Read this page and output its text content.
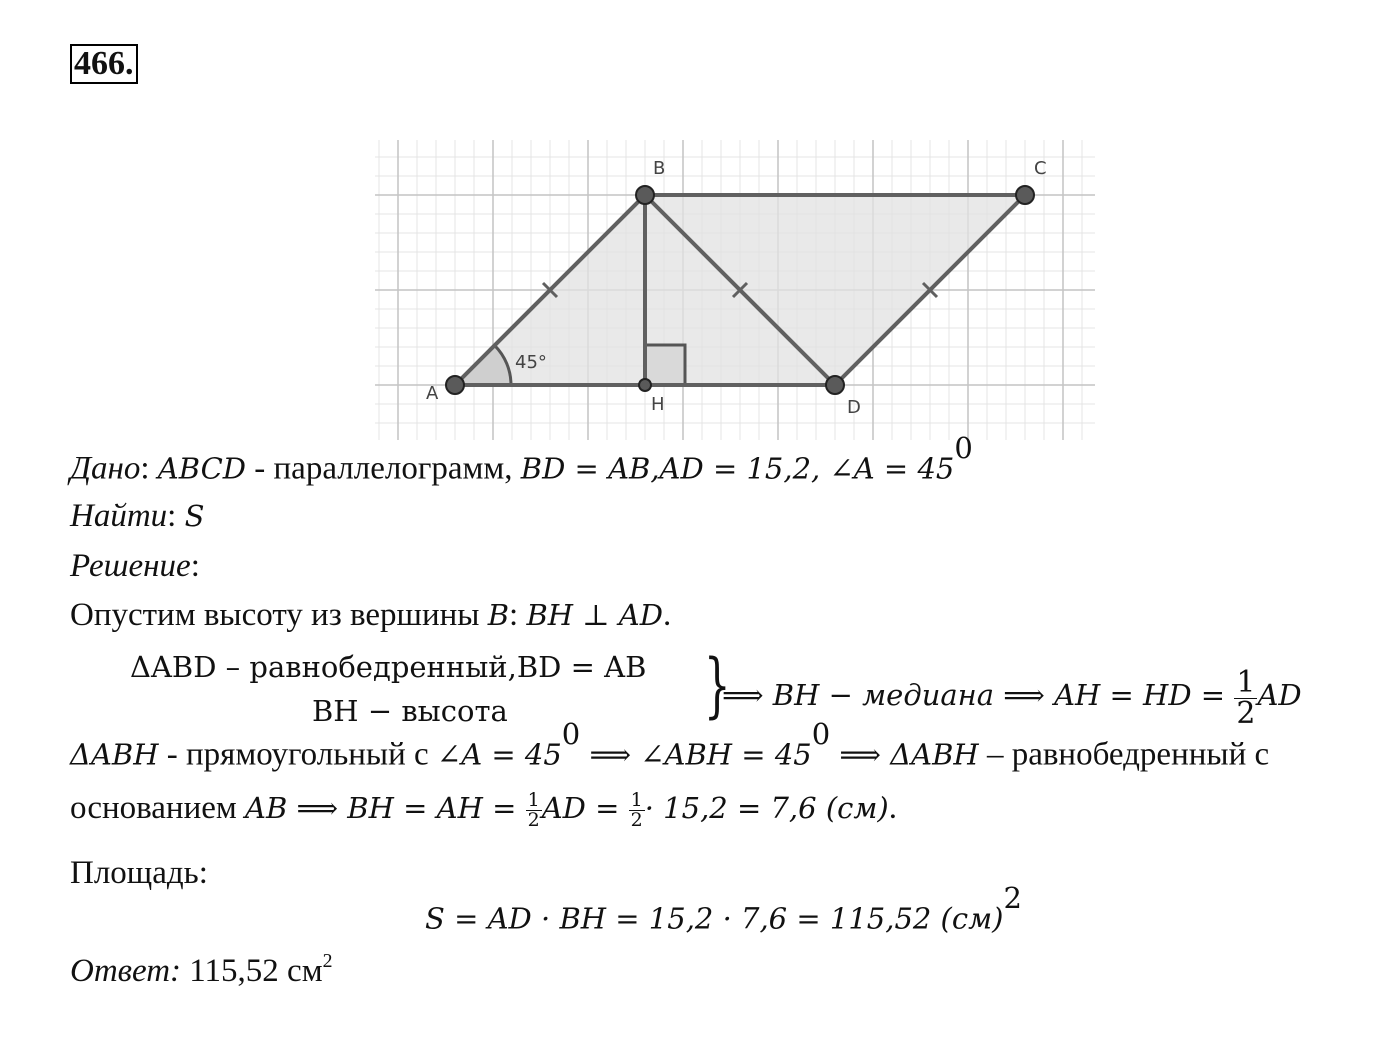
466.
A
B	C
D
H
45°
Дано: ABCD - параллелограмм, BD = AB,AD = 15,2, ∠A = $45^0$
Найти: S
Решение:
Опустим высоту из вершины B: BH ⊥ AD.
ΔABD – равнобедренный,BD = AB
BH − высота	}
⟹ BH − медиана ⟹ AH = HD = $\frac{1}{2}$ AD
ΔABH - прямоугольный с ∠A = $45^0$ ⟹ ∠ABH = $45^0$ ⟹ ΔABH – равнобедренный с
основанием AB ⟹ BH = AH = $\frac{1}{2}$ AD = $\frac{1}{2} \cdot 15,2 = 7,6$ (см).
Площадь:
S = AD · BH = 15,2 · 7,6 = 115,52 (см)$^2$
Ответ: 115,52 $см^2$
